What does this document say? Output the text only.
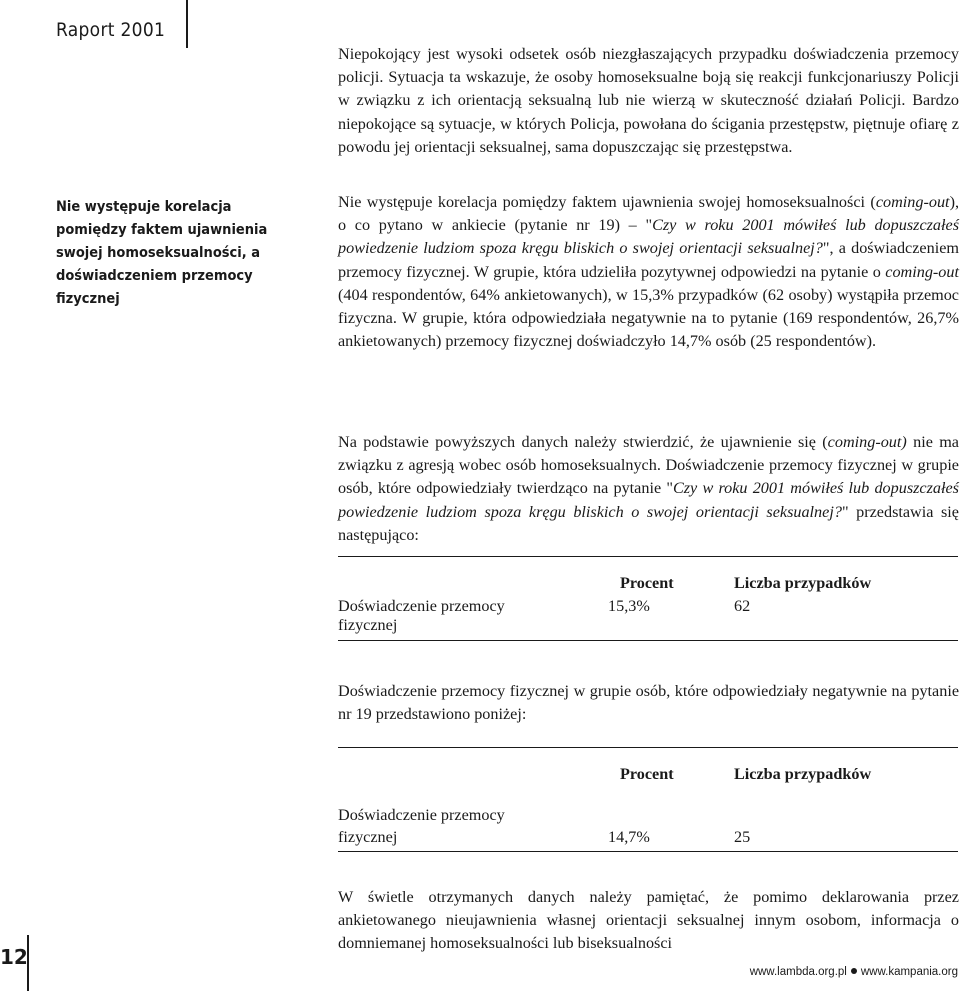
Raport 2001
Nie występuje korelacja pomiędzy faktem ujawnienia swojej homoseksualności, a doświadczeniem przemocy fizycznej

Niepokojący jest wysoki odsetek osób niezgłaszających przypadku doświadczenia przemocy policji. Sytuacja ta wskazuje, że osoby homoseksualne boją się reakcji funkcjonariuszy Policji w związku z ich orientacją seksualną lub nie wierzą w skuteczność działań Policji. Bardzo niepokojące są sytuacje, w których Policja, powołana do ścigania przestępstw, piętnuje ofiarę z powodu jej orientacji seksualnej, sama dopuszczając się przestępstwa.

Nie występuje korelacja pomiędzy faktem ujawnienia swojej homoseksualności (coming-out), o co pytano w ankiecie (pytanie nr 19) – "Czy w roku 2001 mówiłeś lub dopuszczałeś powiedzenie ludziom spoza kręgu bliskich o swojej orientacji seksualnej?", a doświadczeniem przemocy fizycznej. W grupie, która udzieliła pozytywnej odpowiedzi na pytanie o coming-out (404 respondentów, 64% ankietowanych), w 15,3% przypadków (62 osoby) wystąpiła przemoc fizyczna. W grupie, która odpowiedziała negatywnie na to pytanie (169 respondentów, 26,7% ankietowanych) przemocy fizycznej doświadczyło 14,7% osób (25 respondentów).

Na podstawie powyższych danych należy stwierdzić, że ujawnienie się (coming-out) nie ma związku z agresją wobec osób homoseksualnych. Doświadczenie przemocy fizycznej w grupie osób, które odpowiedziały twierdząco na pytanie "Czy w roku 2001 mówiłeś lub dopuszczałeś powiedzenie ludziom spoza kręgu bliskich o swojej orientacji seksualnej?" przedstawia się następująco:

Procent	Liczba przypadków
Doświadczenie przemocy
fizycznej
15,3%	62

Doświadczenie przemocy fizycznej w grupie osób, które odpowiedziały negatywnie na pytanie nr 19 przedstawiono poniżej:

Procent	Liczba przypadków
Doświadczenie przemocy
fizycznej	14,7%	25

W świetle otrzymanych danych należy pamiętać, że pomimo deklarowania przez ankietowanego nieujawnienia własnej orientacji seksualnej innym osobom, informacja o domniemanej homoseksualności lub biseksualności

12
www.lambda.org.pl www.kampania.org
